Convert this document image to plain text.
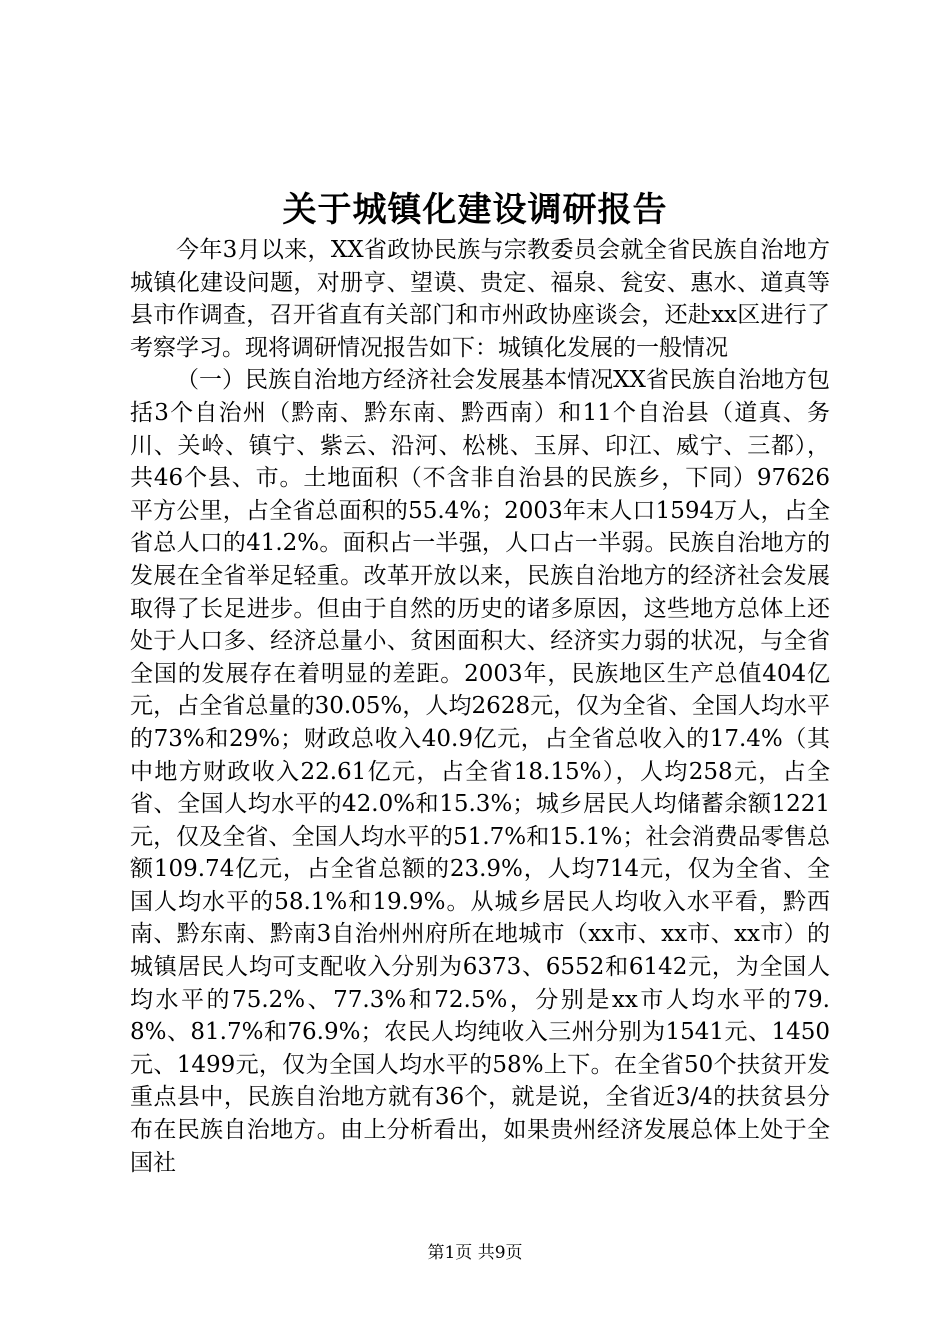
关于城镇化建设调研报告

今年3月以来，XX省政协民族与宗教委员会就全省民族自治地方城镇化建设问题，对册亨、望谟、贵定、福泉、瓮安、惠水、道真等县市作调查，召开省直有关部门和市州政协座谈会，还赴xx区进行了考察学习。现将调研情况报告如下：城镇化发展的一般情况

（一）民族自治地方经济社会发展基本情况XX省民族自治地方包括3个自治州（黔南、黔东南、黔西南）和11个自治县（道真、务川、关岭、镇宁、紫云、沿河、松桃、玉屏、印江、威宁、三都），共46个县、市。土地面积（不含非自治县的民族乡，下同）97626平方公里，占全省总面积的55.4%；2003年末人口1594万人，占全省总人口的41.2%。面积占一半强，人口占一半弱。民族自治地方的发展在全省举足轻重。改革开放以来，民族自治地方的经济社会发展取得了长足进步。但由于自然的历史的诸多原因，这些地方总体上还处于人口多、经济总量小、贫困面积大、经济实力弱的状况，与全省全国的发展存在着明显的差距。2003年，民族地区生产总值404亿元，占全省总量的30.05%，人均2628元，仅为全省、全国人均水平的73%和29%；财政总收入40.9亿元，占全省总收入的17.4%（其中地方财政收入22.61亿元，占全省18.15%），人均258元，占全省、全国人均水平的42.0%和15.3%；城乡居民人均储蓄余额1221元，仅及全省、全国人均水平的51.7%和15.1%；社会消费品零售总额109.74亿元，占全省总额的23.9%，人均714元，仅为全省、全国人均水平的58.1%和19.9%。从城乡居民人均收入水平看，黔西南、黔东南、黔南3自治州州府所在地城市（xx市、xx市、xx市）的城镇居民人均可支配收入分别为6373、6552和6142元，为全国人均水平的75.2%、77.3%和72.5%，分别是xx市人均水平的79.8%、81.7%和76.9%；农民人均纯收入三州分别为1541元、1450元、1499元，仅为全国人均水平的58%上下。在全省50个扶贫开发重点县中，民族自治地方就有36个，就是说，全省近3/4的扶贫县分布在民族自治地方。由上分析看出，如果贵州经济发展总体上处于全国社

第1页 共9页
